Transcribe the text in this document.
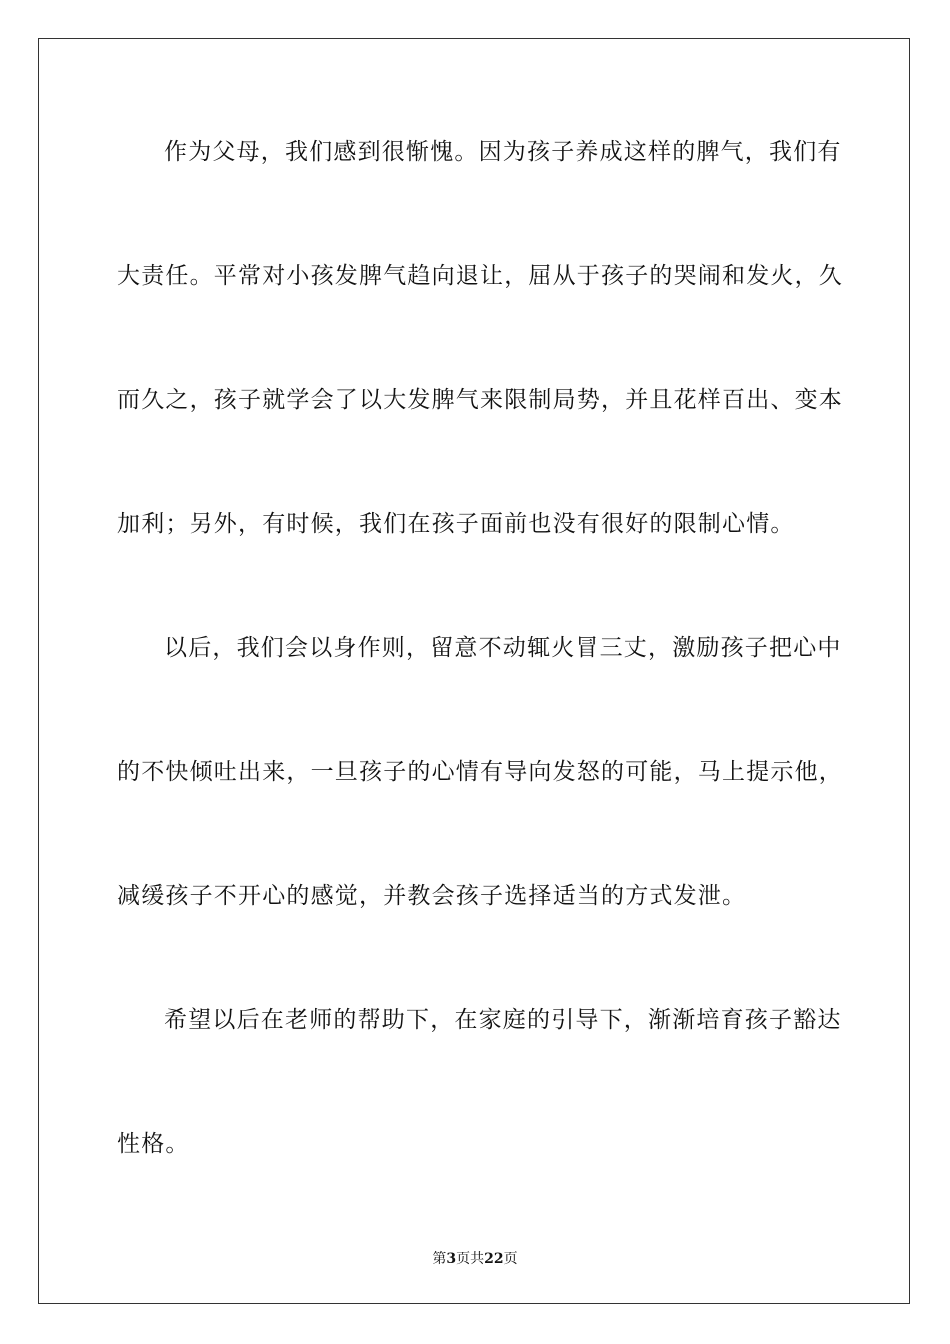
作为父母，我们感到很惭愧。因为孩子养成这样的脾气，我们有

大责任。平常对小孩发脾气趋向退让，屈从于孩子的哭闹和发火，久

而久之，孩子就学会了以大发脾气来限制局势，并且花样百出、变本

加利；另外，有时候，我们在孩子面前也没有很好的限制心情。

以后，我们会以身作则，留意不动辄火冒三丈，激励孩子把心中

的不快倾吐出来，一旦孩子的心情有导向发怒的可能，马上提示他，

减缓孩子不开心的感觉，并教会孩子选择适当的方式发泄。

希望以后在老师的帮助下，在家庭的引导下，渐渐培育孩子豁达

性格。

第3页共22页
